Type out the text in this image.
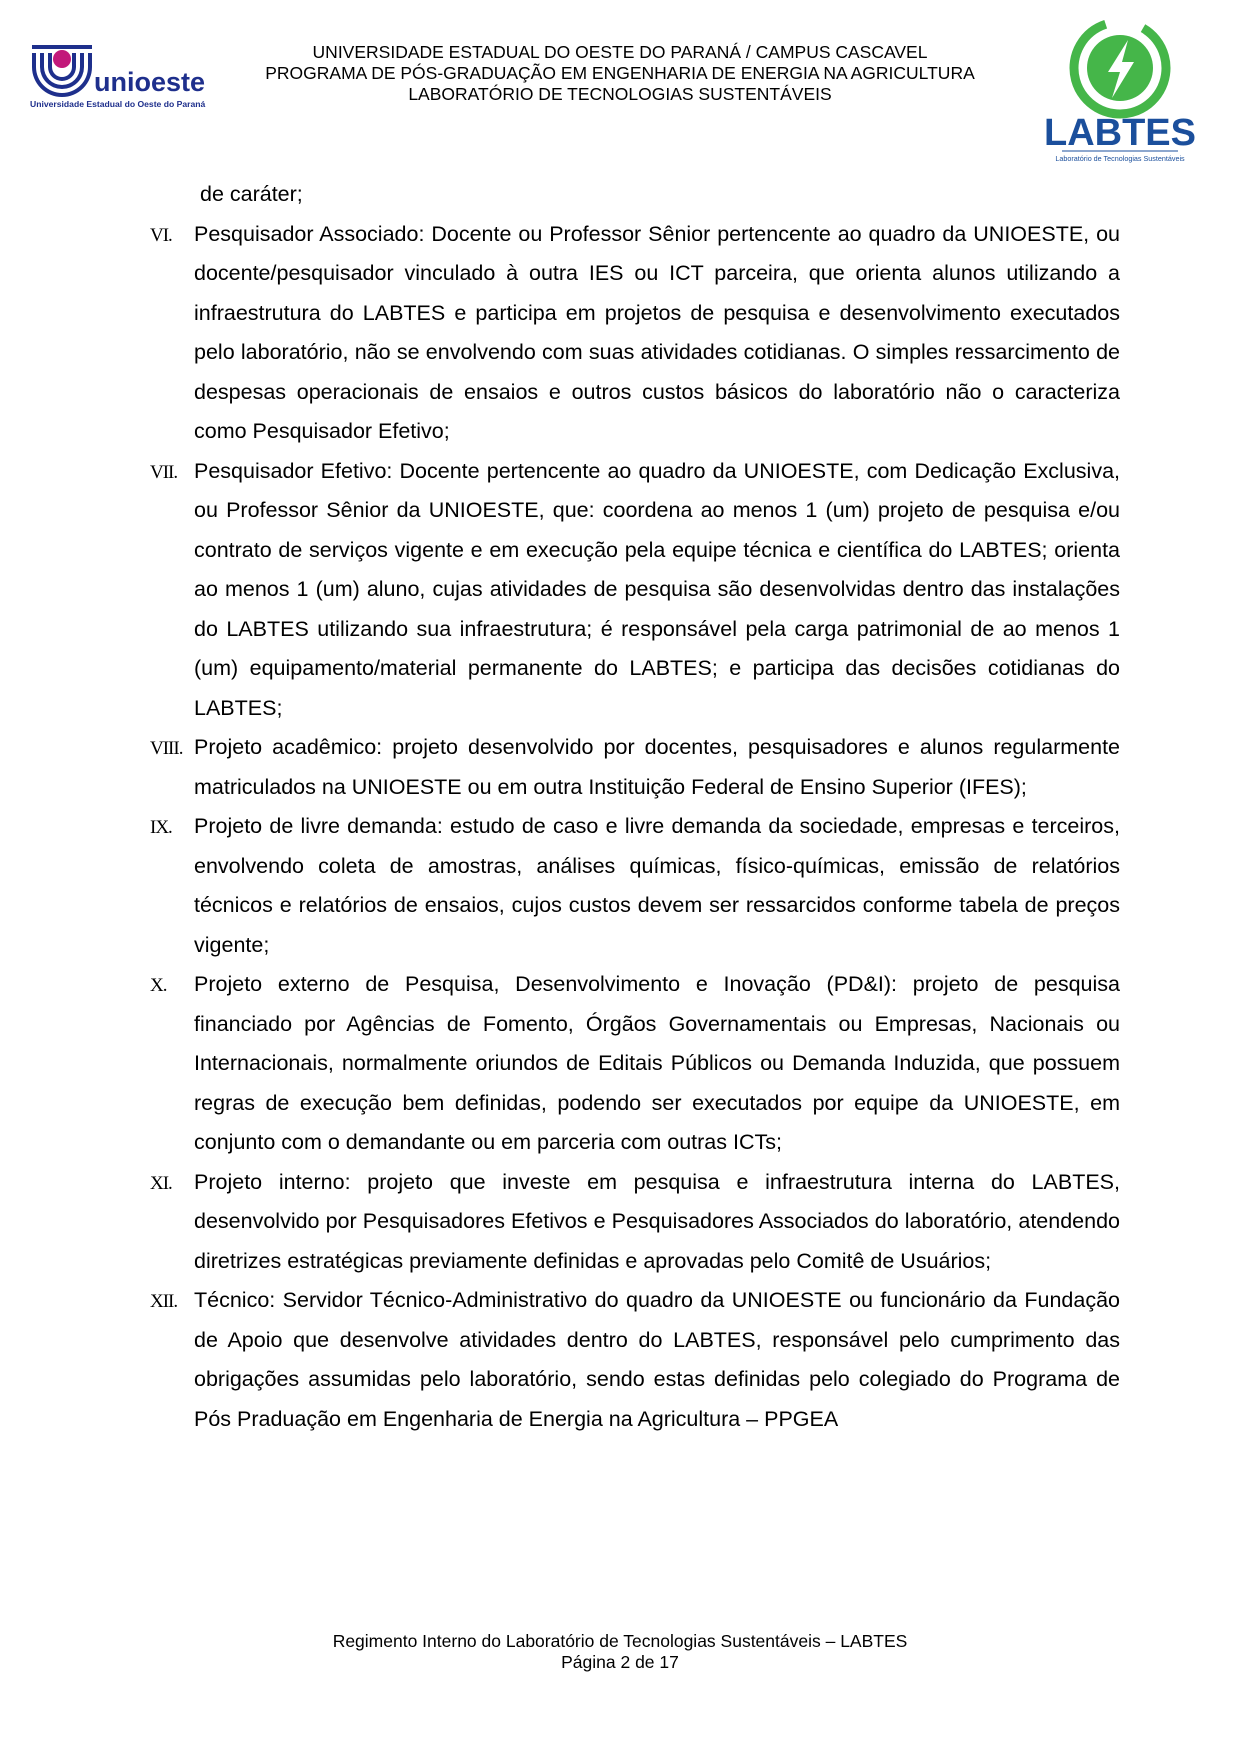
unioeste
Universidade Estadual do Oeste do Paraná
UNIVERSIDADE ESTADUAL DO OESTE DO PARANÁ / CAMPUS CASCAVEL
PROGRAMA DE PÓS-GRADUAÇÃO EM ENGENHARIA DE ENERGIA NA AGRICULTURA
LABORATÓRIO DE TECNOLOGIAS SUSTENTÁVEIS
LABTES
Laboratório de Tecnologias Sustentáveis
de caráter;
VI.	Pesquisador Associado: Docente ou Professor Sênior pertencente ao quadro da UNIOESTE, ou docente/pesquisador vinculado à outra IES ou ICT parceira, que orienta alunos utilizando a infraestrutura do LABTES e participa em projetos de pesquisa e desenvolvimento executados pelo laboratório, não se envolvendo com suas atividades cotidianas. O simples ressarcimento de despesas operacionais de ensaios e outros custos básicos do laboratório não o caracteriza como Pesquisador Efetivo;
VII. Pesquisador Efetivo: Docente pertencente ao quadro da UNIOESTE, com Dedicação Exclusiva, ou Professor Sênior da UNIOESTE, que: coordena ao menos 1 (um) projeto de pesquisa e/ou contrato de serviços vigente e em execução pela equipe técnica e científica do LABTES; orienta ao menos 1 (um) aluno, cujas atividades de pesquisa são desenvolvidas dentro das instalações do LABTES utilizando sua infraestrutura; é responsável pela carga patrimonial de ao menos 1 (um) equipamento/material permanente do LABTES; e participa das decisões cotidianas do LABTES;
VIII. Projeto acadêmico: projeto desenvolvido por docentes, pesquisadores e alunos regularmente matriculados na UNIOESTE ou em outra Instituição Federal de Ensino Superior (IFES);
IX.	Projeto de livre demanda: estudo de caso e livre demanda da sociedade, empresas e terceiros, envolvendo coleta de amostras, análises químicas, físico-químicas, emissão de relatórios técnicos e relatórios de ensaios, cujos custos devem ser ressarcidos conforme tabela de preços vigente;
X.	Projeto externo de Pesquisa, Desenvolvimento e Inovação (PD&I): projeto de pesquisa financiado por Agências de Fomento, Órgãos Governamentais ou Empresas, Nacionais ou Internacionais, normalmente oriundos de Editais Públicos ou Demanda Induzida, que possuem regras de execução bem definidas, podendo ser executados por equipe da UNIOESTE, em conjunto com o demandante ou em parceria com outras ICTs;
XI.	Projeto interno: projeto que investe em pesquisa e infraestrutura interna do LABTES, desenvolvido por Pesquisadores Efetivos e Pesquisadores Associados do laboratório, atendendo diretrizes estratégicas previamente definidas e aprovadas pelo Comitê de Usuários;
XII. Técnico: Servidor Técnico-Administrativo do quadro da UNIOESTE ou funcionário da Fundação de Apoio que desenvolve atividades dentro do LABTES, responsável pelo cumprimento das obrigações assumidas pelo laboratório, sendo estas definidas pelo colegiado do Programa de Pós Praduação em Engenharia de Energia na Agricultura – PPGEA
Regimento Interno do Laboratório de Tecnologias Sustentáveis – LABTES
Página 2 de 17
